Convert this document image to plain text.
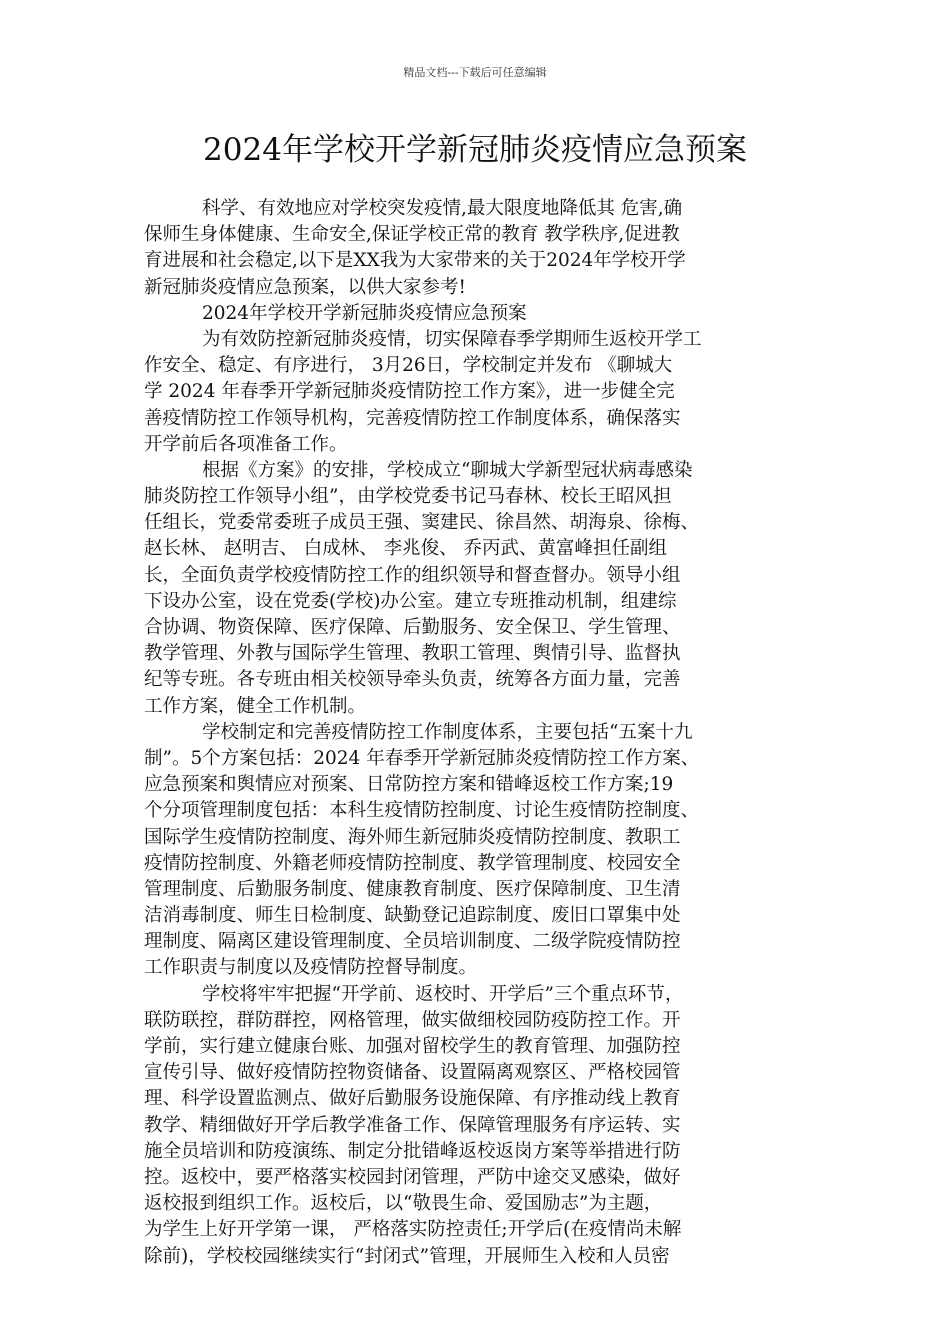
精品文档---下载后可任意编辑
2024年学校开学新冠肺炎疫情应急预案
科学、有效地应对学校突发疫情,最大限度地降低其 危害,确
保师生身体健康、生命安全,保证学校正常的教育 教学秩序,促进教
育进展和社会稳定,以下是XX我为大家带来的关于2024年学校开学
新冠肺炎疫情应急预案，以供大家参考!
2024年学校开学新冠肺炎疫情应急预案
为有效防控新冠肺炎疫情，切实保障春季学期师生返校开学工
作安全、稳定、有序进行， 3月26日，学校制定并发布 《聊城大
学 2024 年春季开学新冠肺炎疫情防控工作方案》，进一步健全完
善疫情防控工作领导机构，完善疫情防控工作制度体系，确保落实
开学前后各项准备工作。
根据《方案》的安排，学校成立“聊城大学新型冠状病毒感染
肺炎防控工作领导小组”，由学校党委书记马春林、校长王昭风担
任组长，党委常委班子成员王强、窦建民、徐昌然、胡海泉、徐梅、
赵长林、 赵明吉、 白成林、 李兆俊、 乔丙武、黄富峰担任副组
长，全面负责学校疫情防控工作的组织领导和督查督办。领导小组
下设办公室，设在党委(学校)办公室。建立专班推动机制，组建综
合协调、物资保障、医疗保障、后勤服务、安全保卫、学生管理、
教学管理、外教与国际学生管理、教职工管理、舆情引导、监督执
纪等专班。各专班由相关校领导牵头负责，统筹各方面力量，完善
工作方案，健全工作机制。
学校制定和完善疫情防控工作制度体系，主要包括“五案十九
制”。5个方案包括：2024 年春季开学新冠肺炎疫情防控工作方案、
应急预案和舆情应对预案、日常防控方案和错峰返校工作方案;19
个分项管理制度包括：本科生疫情防控制度、讨论生疫情防控制度、
国际学生疫情防控制度、海外师生新冠肺炎疫情防控制度、教职工
疫情防控制度、外籍老师疫情防控制度、教学管理制度、校园安全
管理制度、后勤服务制度、健康教育制度、医疗保障制度、卫生清
洁消毒制度、师生日检制度、缺勤登记追踪制度、废旧口罩集中处
理制度、隔离区建设管理制度、全员培训制度、二级学院疫情防控
工作职责与制度以及疫情防控督导制度。
学校将牢牢把握“开学前、返校时、开学后”三个重点环节，
联防联控，群防群控，网格管理，做实做细校园防疫防控工作。开
学前，实行建立健康台账、加强对留校学生的教育管理、加强防控
宣传引导、做好疫情防控物资储备、设置隔离观察区、严格校园管
理、科学设置监测点、做好后勤服务设施保障、有序推动线上教育
教学、精细做好开学后教学准备工作、保障管理服务有序运转、实
施全员培训和防疫演练、制定分批错峰返校返岗方案等举措进行防
控。返校中，要严格落实校园封闭管理，严防中途交叉感染，做好
返校报到组织工作。返校后，以“敬畏生命、爱国励志”为主题，
为学生上好开学第一课， 严格落实防控责任;开学后(在疫情尚未解
除前)，学校校园继续实行“封闭式”管理，开展师生入校和人员密
